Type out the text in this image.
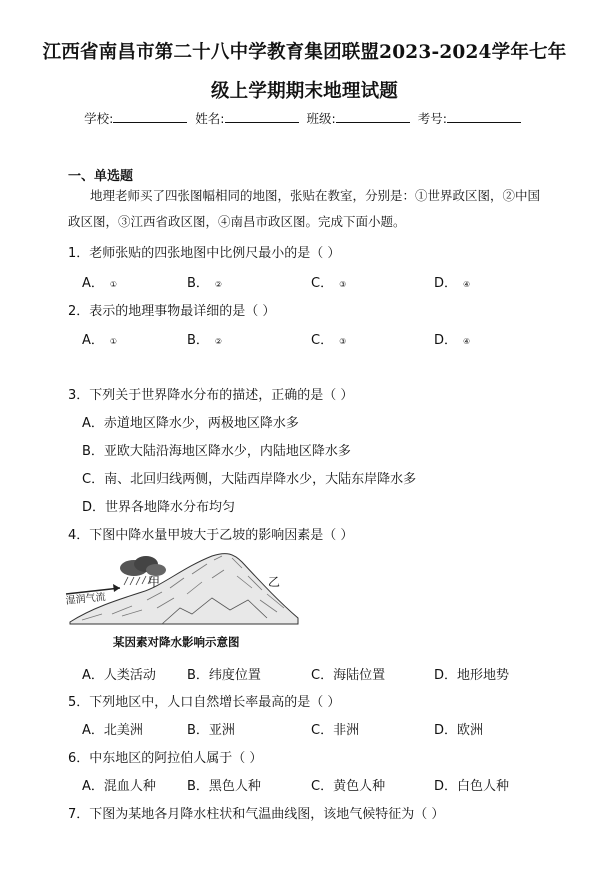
江西省南昌市第二十八中学教育集团联盟2023-2024学年七年
级上学期期末地理试题
学校:	姓名:	班级:	考号:
一、单选题
地理老师买了四张图幅相同的地图，张贴在教室，分别是：①世界政区图，②中国政区图，③江西省政区图，④南昌市政区图。完成下面小题。
1．老师张贴的四张地图中比例尺最小的是（ ）
A． ①	B． ②	C． ③	D． ④
2．表示的地理事物最详细的是（ ）
A． ①	B． ②	C． ③	D． ④
3．下列关于世界降水分布的描述，正确的是（ ）
A．赤道地区降水少，两极地区降水多
B．亚欧大陆沿海地区降水少，内陆地区降水多
C．南、北回归线两侧，大陆西岸降水少，大陆东岸降水多
D．世界各地降水分布均匀
4．下图中降水量甲坡大于乙坡的影响因素是（ ）
湿润气流
甲	乙
某因素对降水影响示意图
A．人类活动 B．纬度位置	C．海陆位置	D．地形地势
5．下列地区中，人口自然增长率最高的是（ ）
A．北美洲	B．亚洲	C．非洲	D．欧洲
6．中东地区的阿拉伯人属于（ ）
A．混血人种 B．黑色人种	C．黄色人种	D．白色人种
7．下图为某地各月降水柱状和气温曲线图，该地气候特征为（ ）
